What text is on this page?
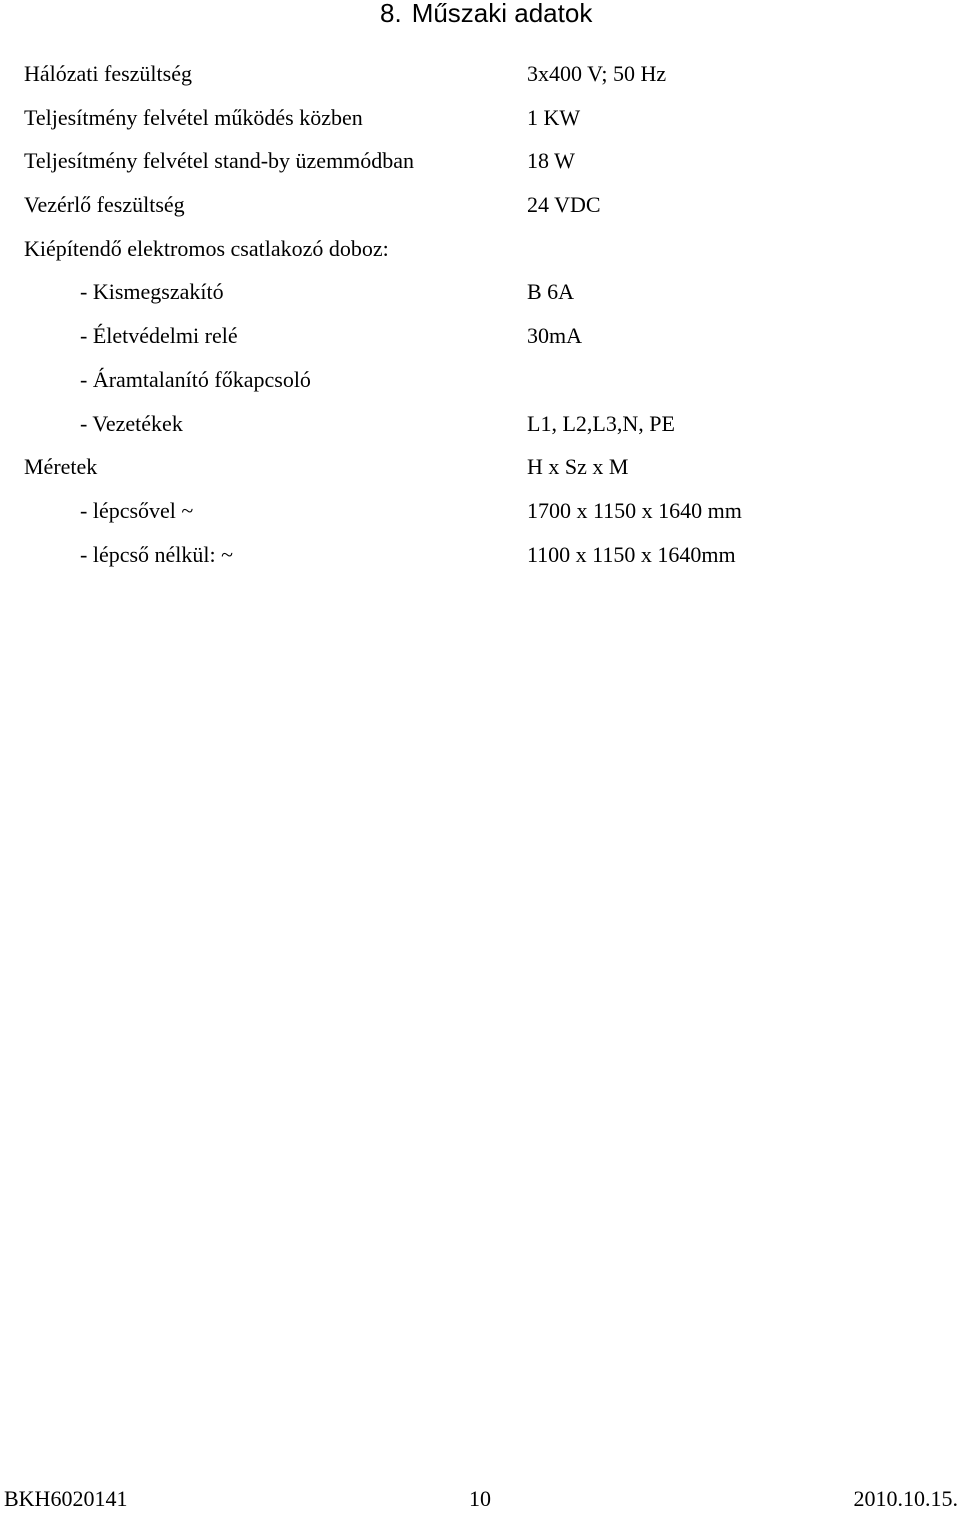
8. Műszaki adatok
Hálózati feszültség	3x400 V; 50 Hz
Teljesítmény felvétel működés közben	1 KW
Teljesítmény felvétel stand-by üzemmódban	18 W
Vezérlő feszültség	24 VDC
Kiépítendő elektromos csatlakozó doboz:
- Kismegszakító	B 6A
- Életvédelmi relé	30mA
- Áramtalanító főkapcsoló
- Vezetékek	L1, L2,L3,N, PE
Méretek	H x Sz x M
- lépcsővel ~	1700 x 1150 x 1640 mm
- lépcső nélkül: ~	1100 x 1150 x 1640mm
BKH6020141	10	2010.10.15.
